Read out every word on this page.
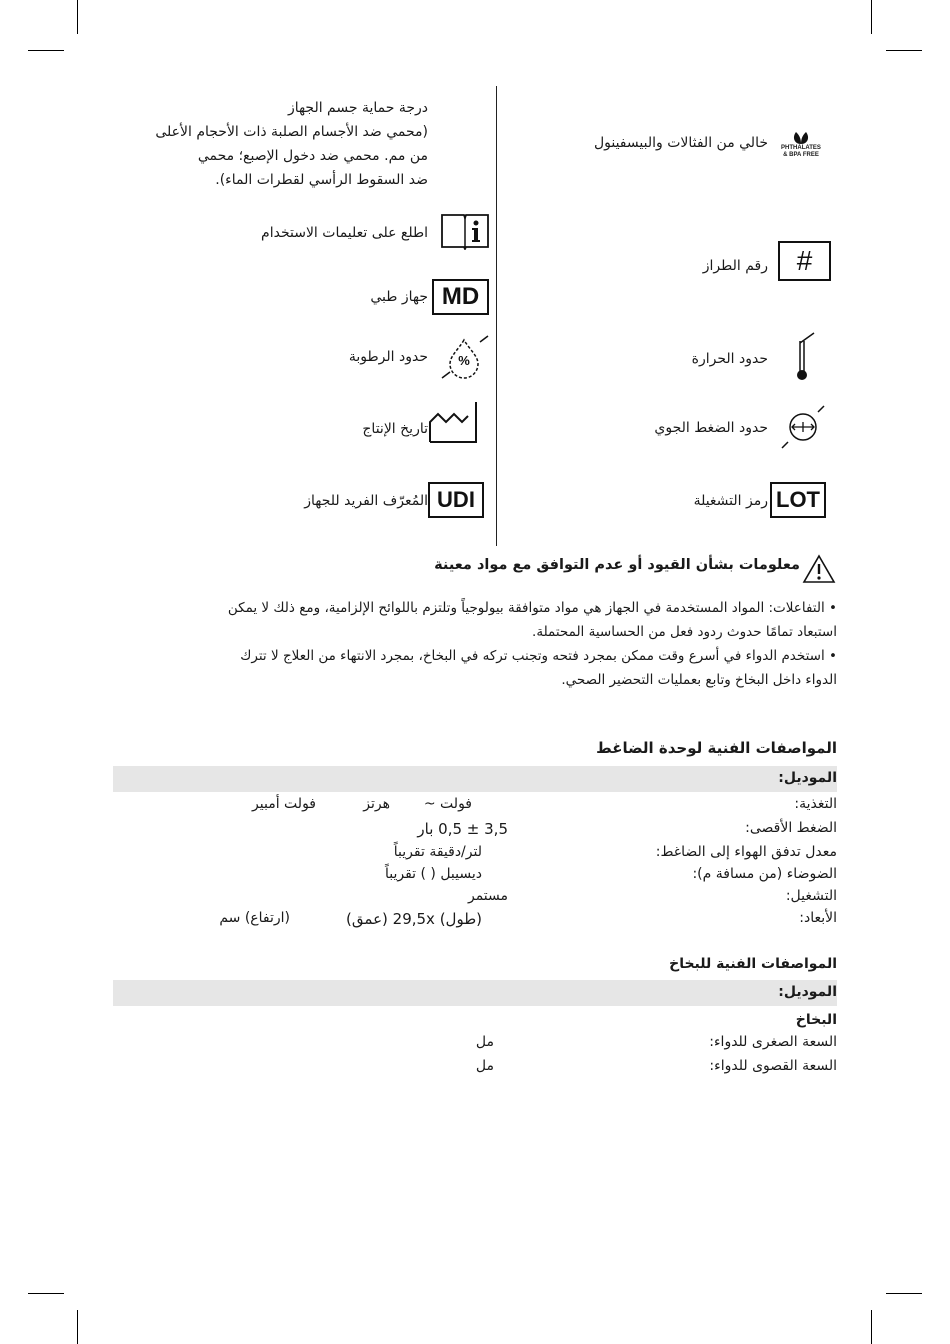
درجة حماية جسم الجهاز
(محمي ضد الأجسام الصلبة ذات الأحجام الأعلى
من مم. محمي ضد دخول الإصبع؛ محمي
ضد السقوط الرأسي لقطرات الماء).
اطلع على تعليمات الاستخدام
MD
جهاز طبي
%
حدود الرطوبة
تاريخ الإنتاج
UDI
المُعرّف الفريد للجهاز
PHTHALATES
& BPA FREE
خالي من الفثالات والبيسفينول
#
رقم الطراز
حدود الحرارة
حدود الضغط الجوي
LOT
رمز التشغيلة
معلومات بشأن القيود أو عدم التوافق مع مواد معينة
• التفاعلات: المواد المستخدمة في الجهاز هي مواد متوافقة بيولوجياً وتلتزم باللوائح الإلزامية، ومع ذلك لا يمكن
استبعاد تمامًا حدوث ردود فعل من الحساسية المحتملة.
• استخدم الدواء في أسرع وقت ممكن بمجرد فتحه وتجنب تركه في البخاخ، بمجرد الانتهاء من العلاج لا تترك
الدواء داخل البخاخ وتابع بعمليات التحضير الصحي.
المواصفات الفنية لوحدة الضاغط
الموديل:
التغذية:
فولت ~
هرتز
فولت أمبير
الضغط الأقصى:
3,5 ± 0,5 بار
معدل تدفق الهواء إلى الضاغط:
لتر/دقيقة تقريباً
الضوضاء (من مسافة م):
ديسيبل ( ) تقريباً
التشغيل:
مستمر
الأبعاد:
(طول) 29,5x (عمق)
(ارتفاع) سم
المواصفات الفنية للبخاخ
الموديل:
البخاخ
السعة الصغرى للدواء:
مل
السعة القصوى للدواء:
مل
